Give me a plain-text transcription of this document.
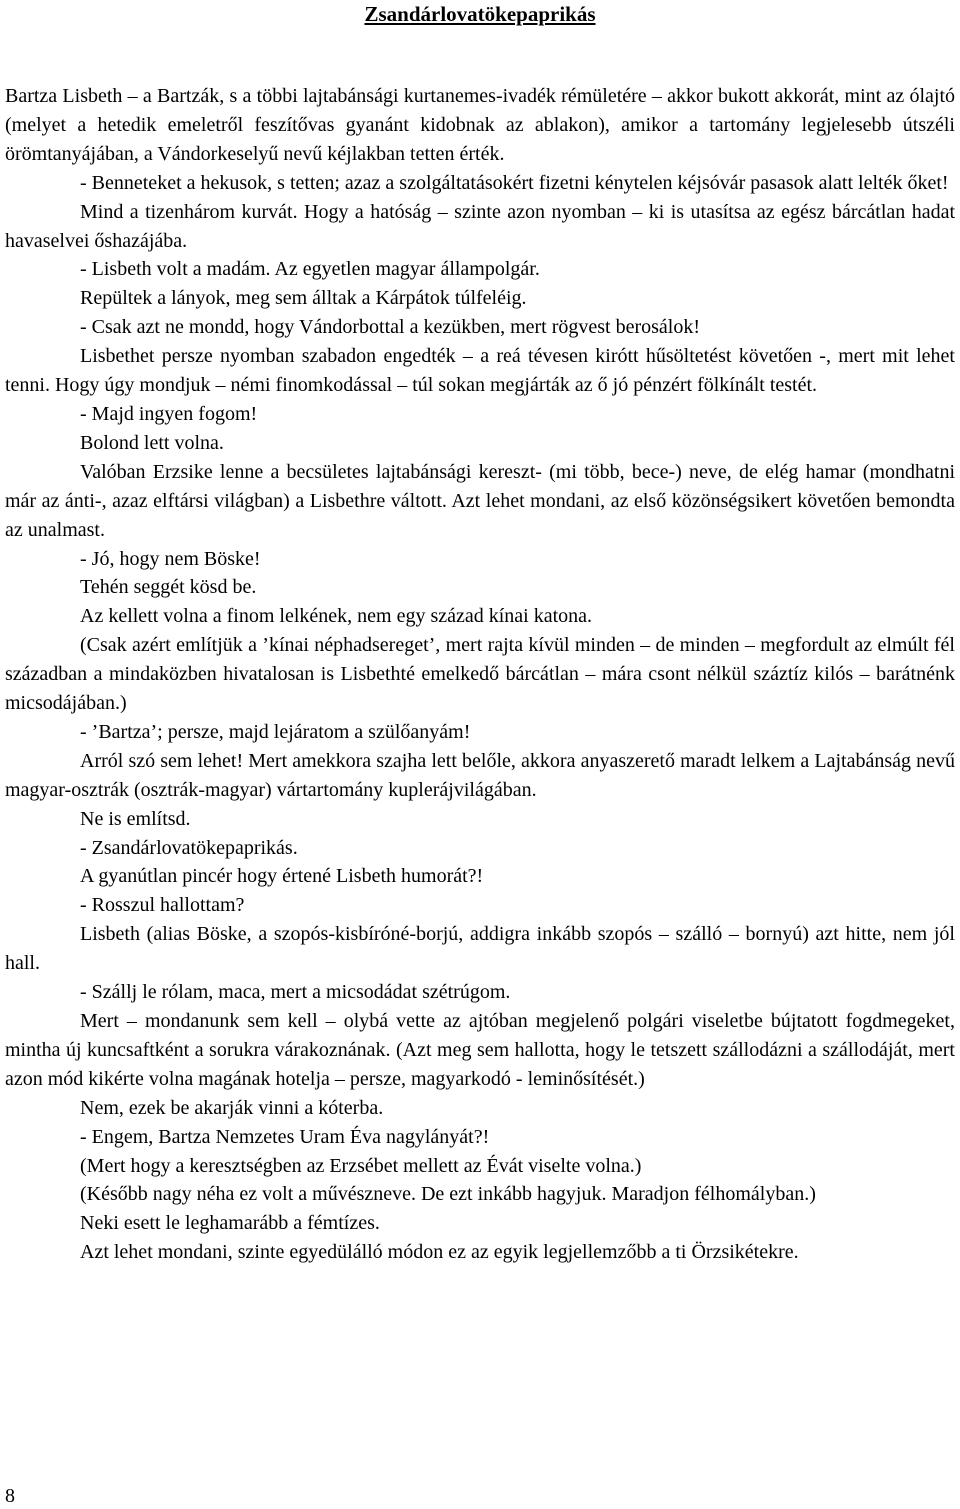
Zsandárlovatökepaprikás

Bartza Lisbeth – a Bartzák, s a többi lajtabánsági kurtanemes-ivadék rémületére – akkor bukott akkorát, mint az ólajtó (melyet a hetedik emeletről feszítővas gyanánt kidobnak az ablakon), amikor a tartomány legjelesebb útszéli örömtanyájában, a Vándorkeselyű nevű kéjlakban tetten érték.

- Benneteket a hekusok, s tetten; azaz a szolgáltatásokért fizetni kénytelen kéjsóvár pasasok alatt lelték őket!

Mind a tizenhárom kurvát. Hogy a hatóság – szinte azon nyomban – ki is utasítsa az egész bárcátlan hadat havaselvei őshazájába.

- Lisbeth volt a madám. Az egyetlen magyar állampolgár.

Repültek a lányok, meg sem álltak a Kárpátok túlfeléig.

- Csak azt ne mondd, hogy Vándorbottal a kezükben, mert rögvest berosálok!

Lisbethet persze nyomban szabadon engedték – a reá tévesen kirótt hűsöltetést követően -, mert mit lehet tenni. Hogy úgy mondjuk – némi finomkodással – túl sokan megjárták az ő jó pénzért fölkínált testét.

- Majd ingyen fogom!

Bolond lett volna.

Valóban Erzsike lenne a becsületes lajtabánsági kereszt- (mi több, bece-) neve, de elég hamar (mondhatni már az ánti-, azaz elftársi világban) a Lisbethre váltott. Azt lehet mondani, az első közönségsikert követően bemondta az unalmast.

- Jó, hogy nem Böske!

Tehén seggét kösd be.

Az kellett volna a finom lelkének, nem egy század kínai katona.

(Csak azért említjük a ’kínai néphadsereget’, mert rajta kívül minden – de minden – megfordult az elmúlt fél században a mindaközben hivatalosan is Lisbethté emelkedő bárcátlan – mára csont nélkül száztíz kilós – barátnénk micsodájában.)

- ’Bartza’; persze, majd lejáratom a szülőanyám!

Arról szó sem lehet! Mert amekkora szajha lett belőle, akkora anyaszerető maradt lelkem a Lajtabánság nevű magyar-osztrák (osztrák-magyar) vártartomány kuplerájvilágában.

Ne is említsd.

- Zsandárlovatökepaprikás.

A gyanútlan pincér hogy értené Lisbeth humorát?!

- Rosszul hallottam?

Lisbeth (alias Böske, a szopós-kisbíróné-borjú, addigra inkább szopós – szálló – bornyú) azt hitte, nem jól hall.

- Szállj le rólam, maca, mert a micsodádat szétrúgom.

Mert – mondanunk sem kell – olybá vette az ajtóban megjelenő polgári viseletbe bújtatott fogdmegeket, mintha új kuncsaftként a sorukra várakoznának. (Azt meg sem hallotta, hogy le tetszett szállodázni a szállodáját, mert azon mód kikérte volna magának hotelja – persze, magyarkodó - leminősítését.)

Nem, ezek be akarják vinni a kóterba.

- Engem, Bartza Nemzetes Uram Éva nagylányát?!

(Mert hogy a keresztségben az Erzsébet mellett az Évát viselte volna.)

(Később nagy néha ez volt a művészneve. De ezt inkább hagyjuk. Maradjon félhomályban.)

Neki esett le leghamarább a fémtízes.

Azt lehet mondani, szinte egyedülálló módon ez az egyik legjellemzőbb a ti Örzsikétekre.

8
